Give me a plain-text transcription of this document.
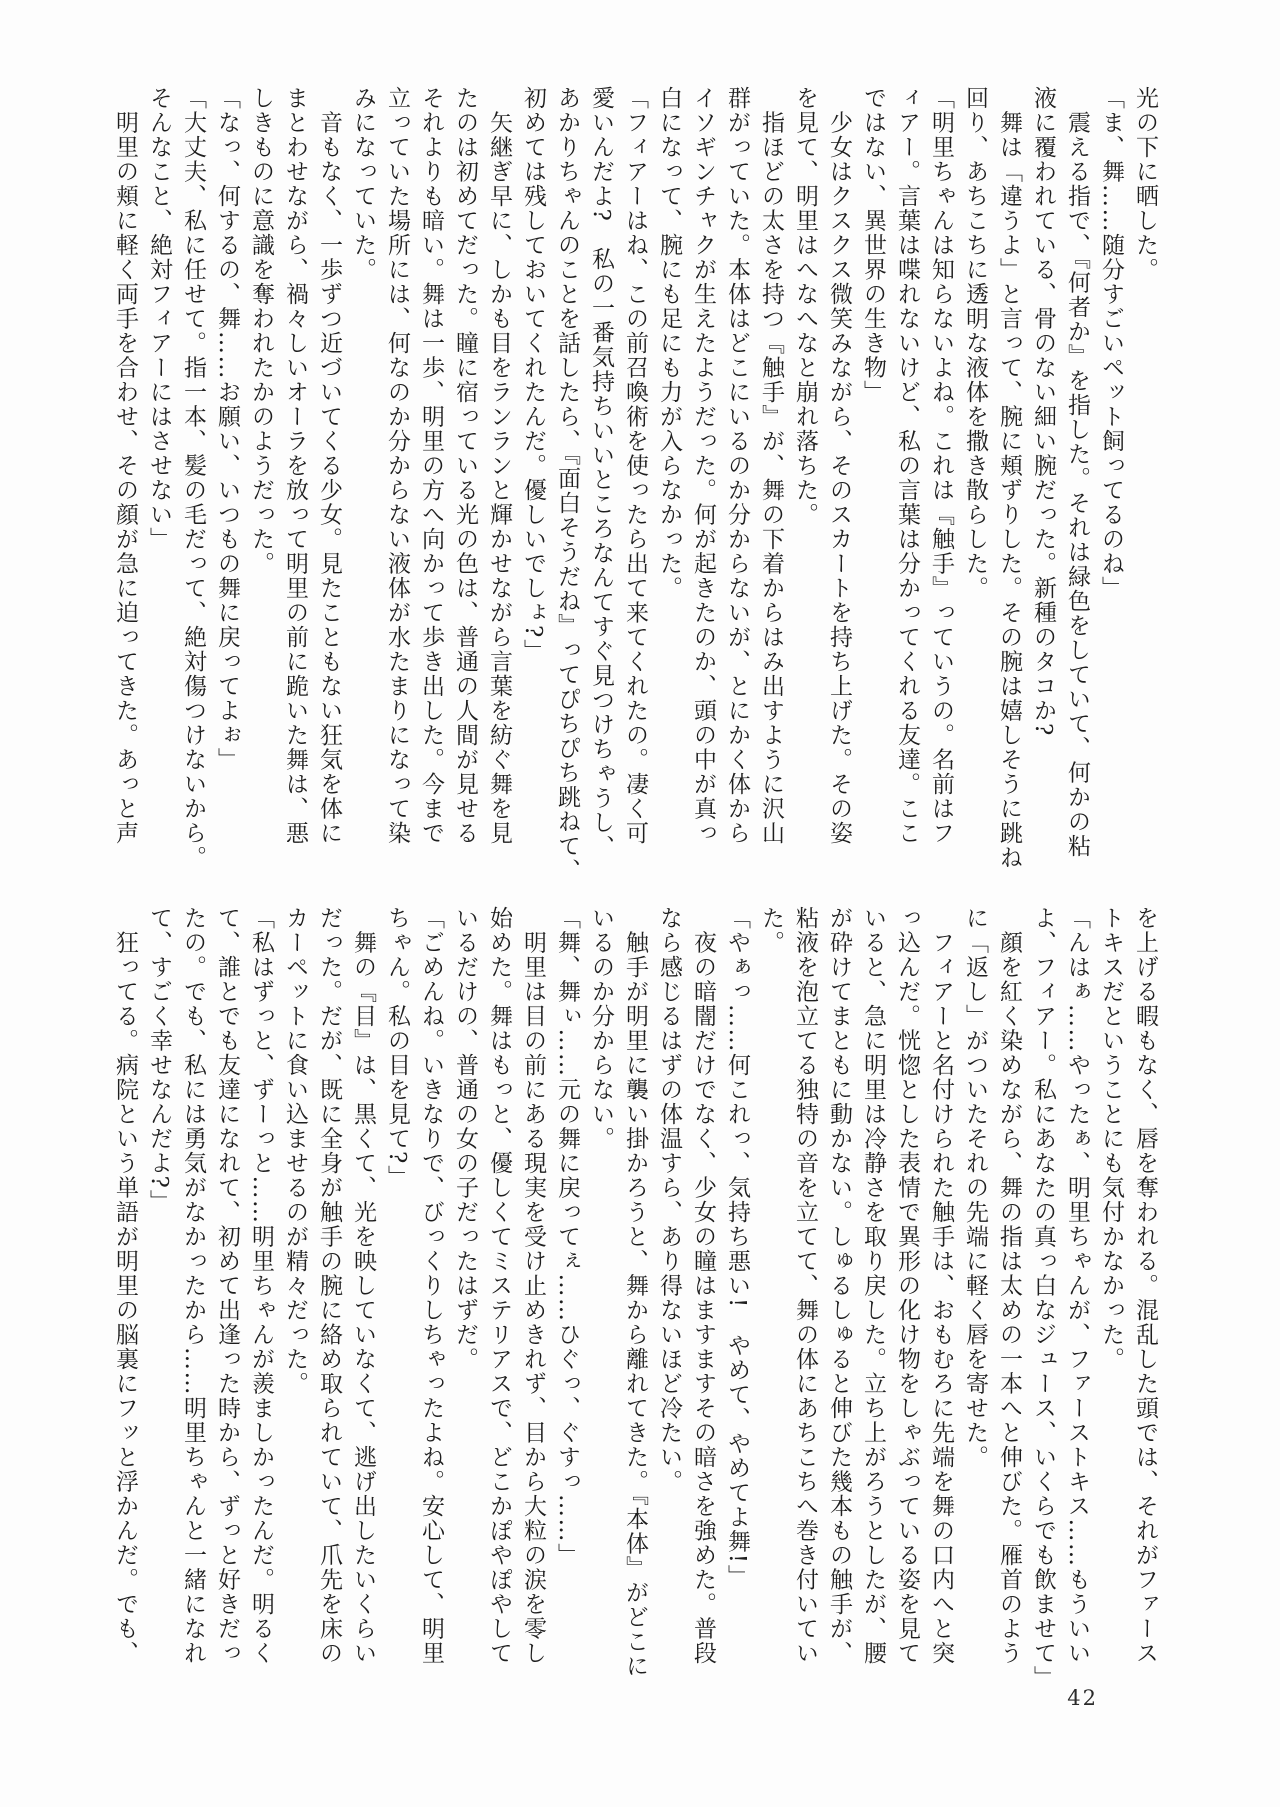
光の下に晒した。

「ま、舞……随分すごいペット飼ってるのね」

　震える指で、『何者か』を指した。それは緑色をしていて、何かの粘

液に覆われている、骨のない細い腕だった。新種のタコか?

　舞は「違うよ」と言って、腕に頬ずりした。その腕は嬉しそうに跳ね

回り、あちこちに透明な液体を撒き散らした。

「明里ちゃんは知らないよね。これは『触手』っていうの。名前はフ

ィアー。言葉は喋れないけど、私の言葉は分かってくれる友達。ここ

ではない、異世界の生き物」

　少女はクスクス微笑みながら、そのスカートを持ち上げた。その姿

を見て、明里はへなへなと崩れ落ちた。

　指ほどの太さを持つ『触手』が、舞の下着からはみ出すように沢山

群がっていた。本体はどこにいるのか分からないが、とにかく体から

イソギンチャクが生えたようだった。何が起きたのか、頭の中が真っ

白になって、腕にも足にも力が入らなかった。

「フィアーはね、この前召喚術を使ったら出て来てくれたの。凄く可

愛いんだよ?　私の一番気持ちいいところなんてすぐ見つけちゃうし、

あかりちゃんのことを話したら、『面白そうだね』ってぴちぴち跳ねて、

初めては残しておいてくれたんだ。優しいでしょ?」

　矢継ぎ早に、しかも目をランランと輝かせながら言葉を紡ぐ舞を見

たのは初めてだった。瞳に宿っている光の色は、普通の人間が見せる

それよりも暗い。舞は一歩、明里の方へ向かって歩き出した。今まで

立っていた場所には、何なのか分からない液体が水たまりになって染

みになっていた。

　音もなく、一歩ずつ近づいてくる少女。見たこともない狂気を体に

まとわせながら、禍々しいオーラを放って明里の前に跪いた舞は、悪

しきものに意識を奪われたかのようだった。

「なっ、何するの、舞……お願い、いつもの舞に戻ってよぉ」

「大丈夫、私に任せて。指一本、髪の毛だって、絶対傷つけないから。

そんなこと、絶対フィアーにはさせない」

　明里の頬に軽く両手を合わせ、その顔が急に迫ってきた。あっと声

を上げる暇もなく、唇を奪われる。混乱した頭では、それがファース

トキスだということにも気付かなかった。

「んはぁ……やったぁ、明里ちゃんが、ファーストキス……もういい

よ、フィアー。私にあなたの真っ白なジュース、いくらでも飲ませて」

　顔を紅く染めながら、舞の指は太めの一本へと伸びた。雁首のよう

に「返し」がついたそれの先端に軽く唇を寄せた。

　フィアーと名付けられた触手は、おもむろに先端を舞の口内へと突

っ込んだ。恍惚とした表情で異形の化け物をしゃぶっている姿を見て

いると、急に明里は冷静さを取り戻した。立ち上がろうとしたが、腰

が砕けてまともに動かない。しゅるしゅると伸びた幾本もの触手が、

粘液を泡立てる独特の音を立てて、舞の体にあちこちへ巻き付いてい

た。

「やぁっ……何これっ、気持ち悪い!　やめて、やめてよ舞!」

　夜の暗闇だけでなく、少女の瞳はますますその暗さを強めた。普段

なら感じるはずの体温すら、あり得ないほど冷たい。

　触手が明里に襲い掛かろうと、舞から離れてきた。『本体』がどこに

いるのか分からない。

「舞、舞ぃ……元の舞に戻ってぇ……ひぐっ、ぐすっ……」

　明里は目の前にある現実を受け止めきれず、目から大粒の涙を零し

始めた。舞はもっと、優しくてミステリアスで、どこかぽやぽやして

いるだけの、普通の女の子だったはずだ。

「ごめんね。いきなりで、びっくりしちゃったよね。安心して、明里

ちゃん。私の目を見て?」

　舞の『目』は、黒くて、光を映していなくて、逃げ出したいくらい

だった。だが、既に全身が触手の腕に絡め取られていて、爪先を床の

カーペットに食い込ませるのが精々だった。

「私はずっと、ずーっと……明里ちゃんが羨ましかったんだ。明るく

て、誰とでも友達になれて、初めて出逢った時から、ずっと好きだっ

たの。でも、私には勇気がなかったから……明里ちゃんと一緒になれ

て、すごく幸せなんだよ?」

　狂ってる。病院という単語が明里の脳裏にフッと浮かんだ。でも、

42
